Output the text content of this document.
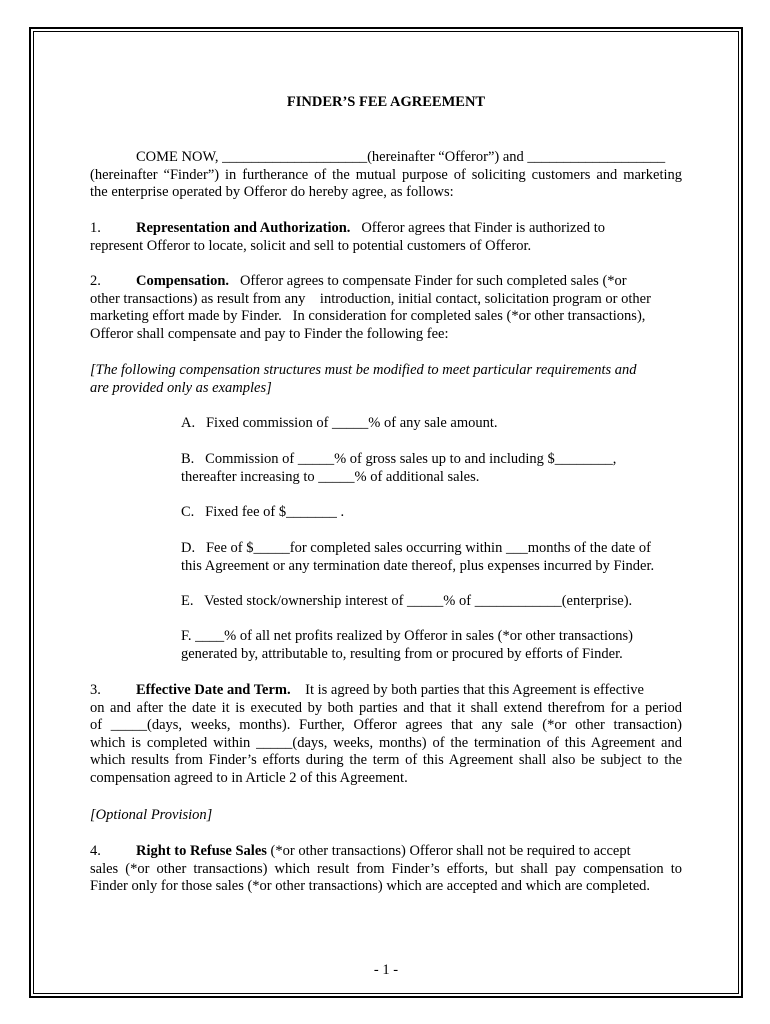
FINDER’S FEE AGREEMENT
COME NOW, ____________________(hereinafter “Offeror”) and ___________________
(hereinafter “Finder”) in furtherance of the mutual purpose of soliciting customers and marketing
the enterprise operated by Offeror do hereby agree, as follows:
1. Representation and Authorization. Offeror agrees that Finder is authorized to
represent Offeror to locate, solicit and sell to potential customers of Offeror.
2. Compensation. Offeror agrees to compensate Finder for such completed sales (*or
other transactions) as result from any    introduction, initial contact, solicitation program or other
marketing effort made by Finder.   In consideration for completed sales (*or other transactions),
Offeror shall compensate and pay to Finder the following fee:
[The following compensation structures must be modified to meet particular requirements and
are provided only as examples]
A.   Fixed commission of _____% of any sale amount.
B.   Commission of _____% of gross sales up to and including $________,
thereafter increasing to _____% of additional sales.
C.   Fixed fee of $_______ .
D.   Fee of $_____for completed sales occurring within ___months of the date of
this Agreement or any termination date thereof, plus expenses incurred by Finder.
E.   Vested stock/ownership interest of _____% of ____________(enterprise).
F. ____% of all net profits realized by Offeror in sales (*or other transactions)
generated by, attributable to, resulting from or procured by efforts of Finder.
3. Effective Date and Term. It is agreed by both parties that this Agreement is effective
on and after the date it is executed by both parties and that it shall extend therefrom for a period
of _____(days, weeks, months). Further, Offeror agrees that any sale (*or other transaction)
which is completed within _____(days, weeks, months) of the termination of this Agreement and
which results from Finder’s efforts during the term of this Agreement shall also be subject to the
compensation agreed to in Article 2 of this Agreement.
[Optional Provision]
4. Right to Refuse Sales (*or other transactions) Offeror shall not be required to accept
sales (*or other transactions) which result from Finder’s efforts, but shall pay compensation to
Finder only for those sales (*or other transactions) which are accepted and which are completed.
- 1 -
